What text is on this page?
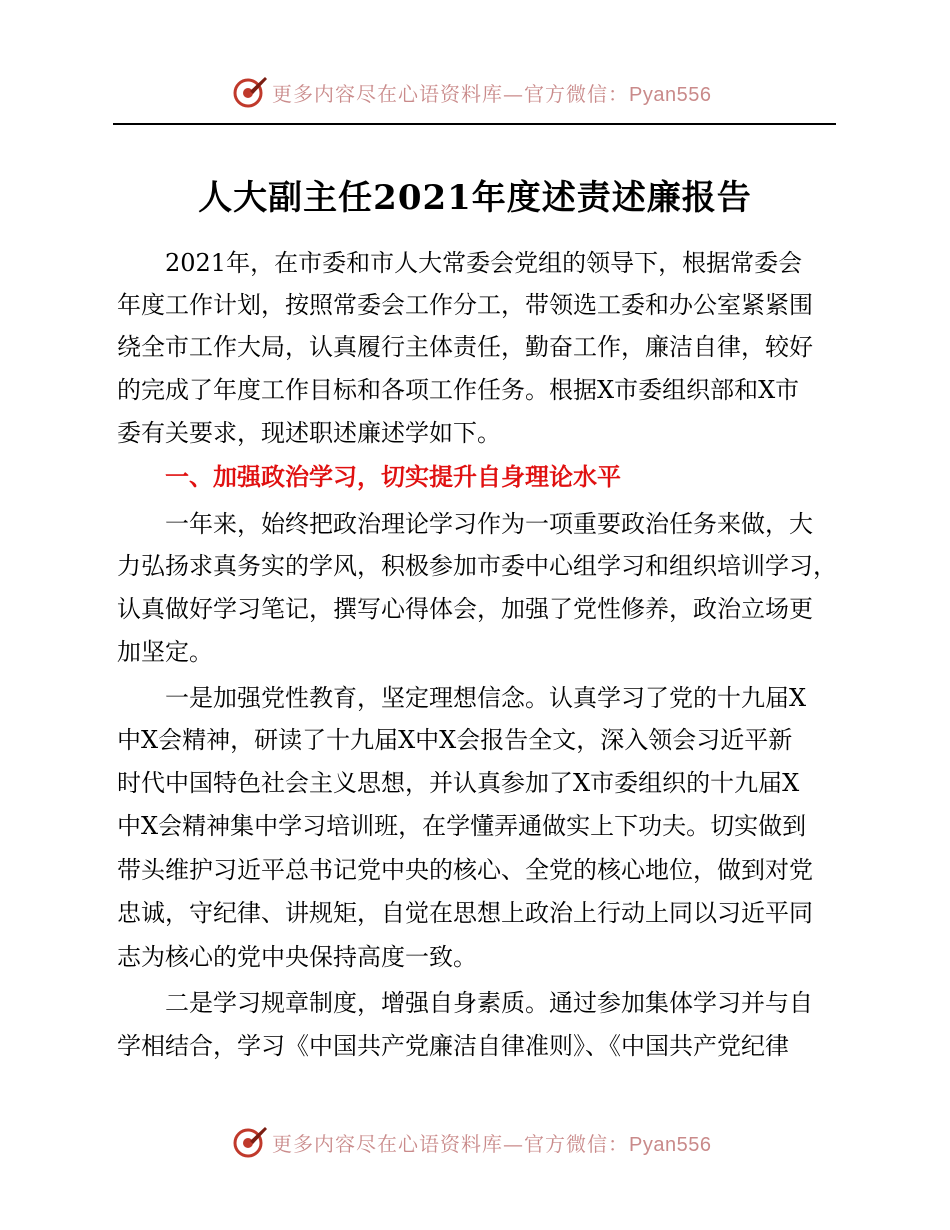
更多内容尽在心语资料库—官方微信：Pyan556
人大副主任2021年度述责述廉报告
2021年，在市委和市人大常委会党组的领导下，根据常委会
年度工作计划，按照常委会工作分工，带领选工委和办公室紧紧围
绕全市工作大局，认真履行主体责任，勤奋工作，廉洁自律，较好
的完成了年度工作目标和各项工作任务。根据X市委组织部和X市
委有关要求，现述职述廉述学如下。
一、加强政治学习，切实提升自身理论水平
一年来，始终把政治理论学习作为一项重要政治任务来做，大
力弘扬求真务实的学风，积极参加市委中心组学习和组织培训学习，
认真做好学习笔记，撰写心得体会，加强了党性修养，政治立场更
加坚定。
一是加强党性教育，坚定理想信念。认真学习了党的十九届X
中X会精神，研读了十九届X中X会报告全文，深入领会习近平新
时代中国特色社会主义思想，并认真参加了X市委组织的十九届X
中X会精神集中学习培训班，在学懂弄通做实上下功夫。切实做到
带头维护习近平总书记党中央的核心、全党的核心地位，做到对党
忠诚，守纪律、讲规矩，自觉在思想上政治上行动上同以习近平同
志为核心的党中央保持高度一致。
二是学习规章制度，增强自身素质。通过参加集体学习并与自
学相结合，学习《中国共产党廉洁自律准则》、《中国共产党纪律
更多内容尽在心语资料库—官方微信：Pyan556
